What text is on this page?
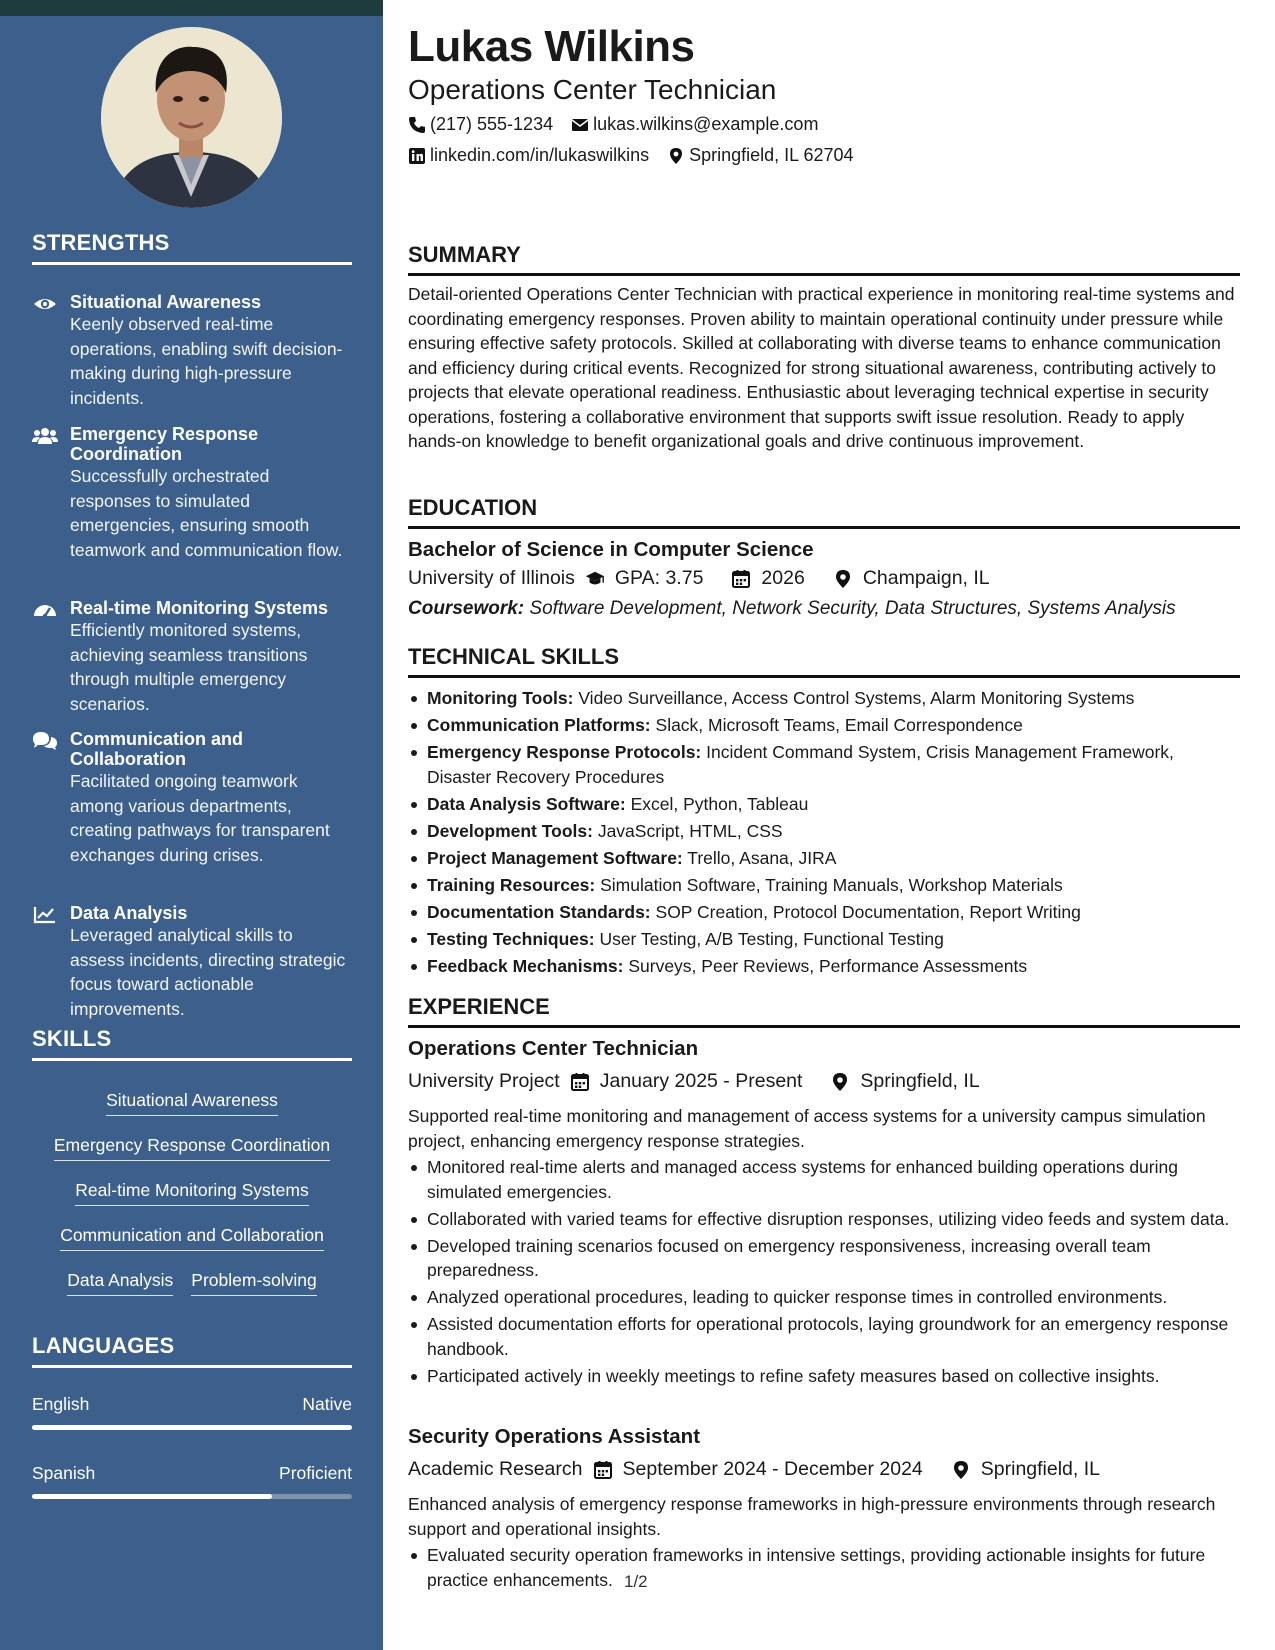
STRENGTHS
Situational Awareness
Keenly observed real-time operations, enabling swift decision-making during high-pressure incidents.
Emergency Response Coordination
Successfully orchestrated responses to simulated emergencies, ensuring smooth teamwork and communication flow.
Real-time Monitoring Systems
Efficiently monitored systems, achieving seamless transitions through multiple emergency scenarios.
Communication and Collaboration
Facilitated ongoing teamwork among various departments, creating pathways for transparent exchanges during crises.
Data Analysis
Leveraged analytical skills to assess incidents, directing strategic focus toward actionable improvements.
SKILLS
Situational Awareness
Emergency Response Coordination
Real-time Monitoring Systems
Communication and Collaboration
Data Analysis Problem-solving
LANGUAGES
English	Native
Spanish	Proficient
Lukas Wilkins
Operations Center Technician
(217) 555-1234 lukas.wilkins@example.com
linkedin.com/in/lukaswilkins Springfield, IL 62704
SUMMARY

Detail-oriented Operations Center Technician with practical experience in monitoring real-time systems and coordinating emergency responses. Proven ability to maintain operational continuity under pressure while ensuring effective safety protocols. Skilled at collaborating with diverse teams to enhance communication and efficiency during critical events. Recognized for strong situational awareness, contributing actively to projects that elevate operational readiness. Enthusiastic about leveraging technical expertise in security operations, fostering a collaborative environment that supports swift issue resolution. Ready to apply hands-on knowledge to benefit organizational goals and drive continuous improvement.

EDUCATION
Bachelor of Science in Computer Science
University of Illinois GPA: 3.75	2026	Champaign, IL
Coursework: Software Development, Network Security, Data Structures, Systems Analysis
TECHNICAL SKILLS
Monitoring Tools: Video Surveillance, Access Control Systems, Alarm Monitoring Systems
Communication Platforms: Slack, Microsoft Teams, Email Correspondence
Emergency Response Protocols: Incident Command System, Crisis Management Framework, Disaster Recovery Procedures
Data Analysis Software: Excel, Python, Tableau
Development Tools: JavaScript, HTML, CSS
Project Management Software: Trello, Asana, JIRA
Training Resources: Simulation Software, Training Manuals, Workshop Materials
Documentation Standards: SOP Creation, Protocol Documentation, Report Writing
Testing Techniques: User Testing, A/B Testing, Functional Testing
Feedback Mechanisms: Surveys, Peer Reviews, Performance Assessments
EXPERIENCE
Operations Center Technician
University Project January 2025 - Present	Springfield, IL

Supported real-time monitoring and management of access systems for a university campus simulation project, enhancing emergency response strategies.

Monitored real-time alerts and managed access systems for enhanced building operations during simulated emergencies.
Collaborated with varied teams for effective disruption responses, utilizing video feeds and system data.
Developed training scenarios focused on emergency responsiveness, increasing overall team preparedness.
Analyzed operational procedures, leading to quicker response times in controlled environments.
Assisted documentation efforts for operational protocols, laying groundwork for an emergency response handbook.
Participated actively in weekly meetings to refine safety measures based on collective insights.
Security Operations Assistant
Academic Research September 2024 - December 2024	Springfield, IL

Enhanced analysis of emergency response frameworks in high-pressure environments through research support and operational insights.

Evaluated security operation frameworks in intensive settings, providing actionable insights for future practice enhancements. 1/2
